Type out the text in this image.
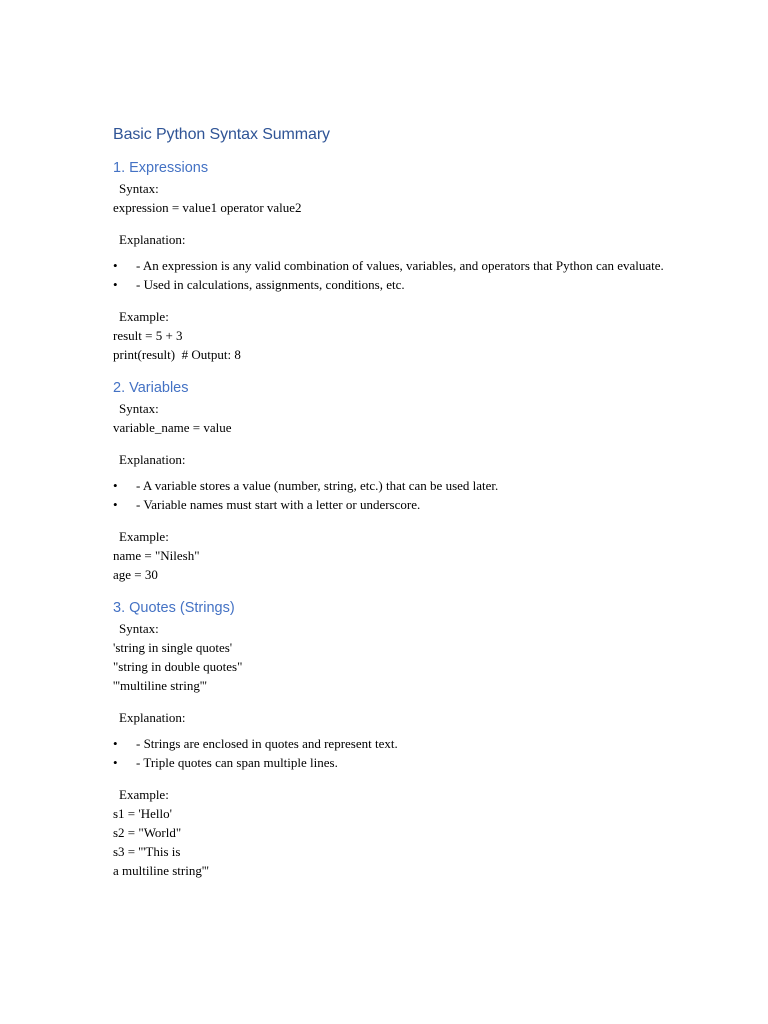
Basic Python Syntax Summary
1. Expressions

Syntax:

expression = value1 operator value2

Explanation:

• - An expression is any valid combination of values, variables, and operators that Python can evaluate.
• - Used in calculations, assignments, conditions, etc.

Example:

result = 5 + 3

print(result)  # Output: 8

2. Variables

Syntax:

variable_name = value

Explanation:

• - A variable stores a value (number, string, etc.) that can be used later.
• - Variable names must start with a letter or underscore.

Example:

name = "Nilesh"

age = 30

3. Quotes (Strings)

Syntax:

'string in single quotes'

"string in double quotes"

'''multiline string'''

Explanation:

• - Strings are enclosed in quotes and represent text.
• - Triple quotes can span multiple lines.

Example:

s1 = 'Hello'

s2 = "World"

s3 = '''This is

a multiline string'''
